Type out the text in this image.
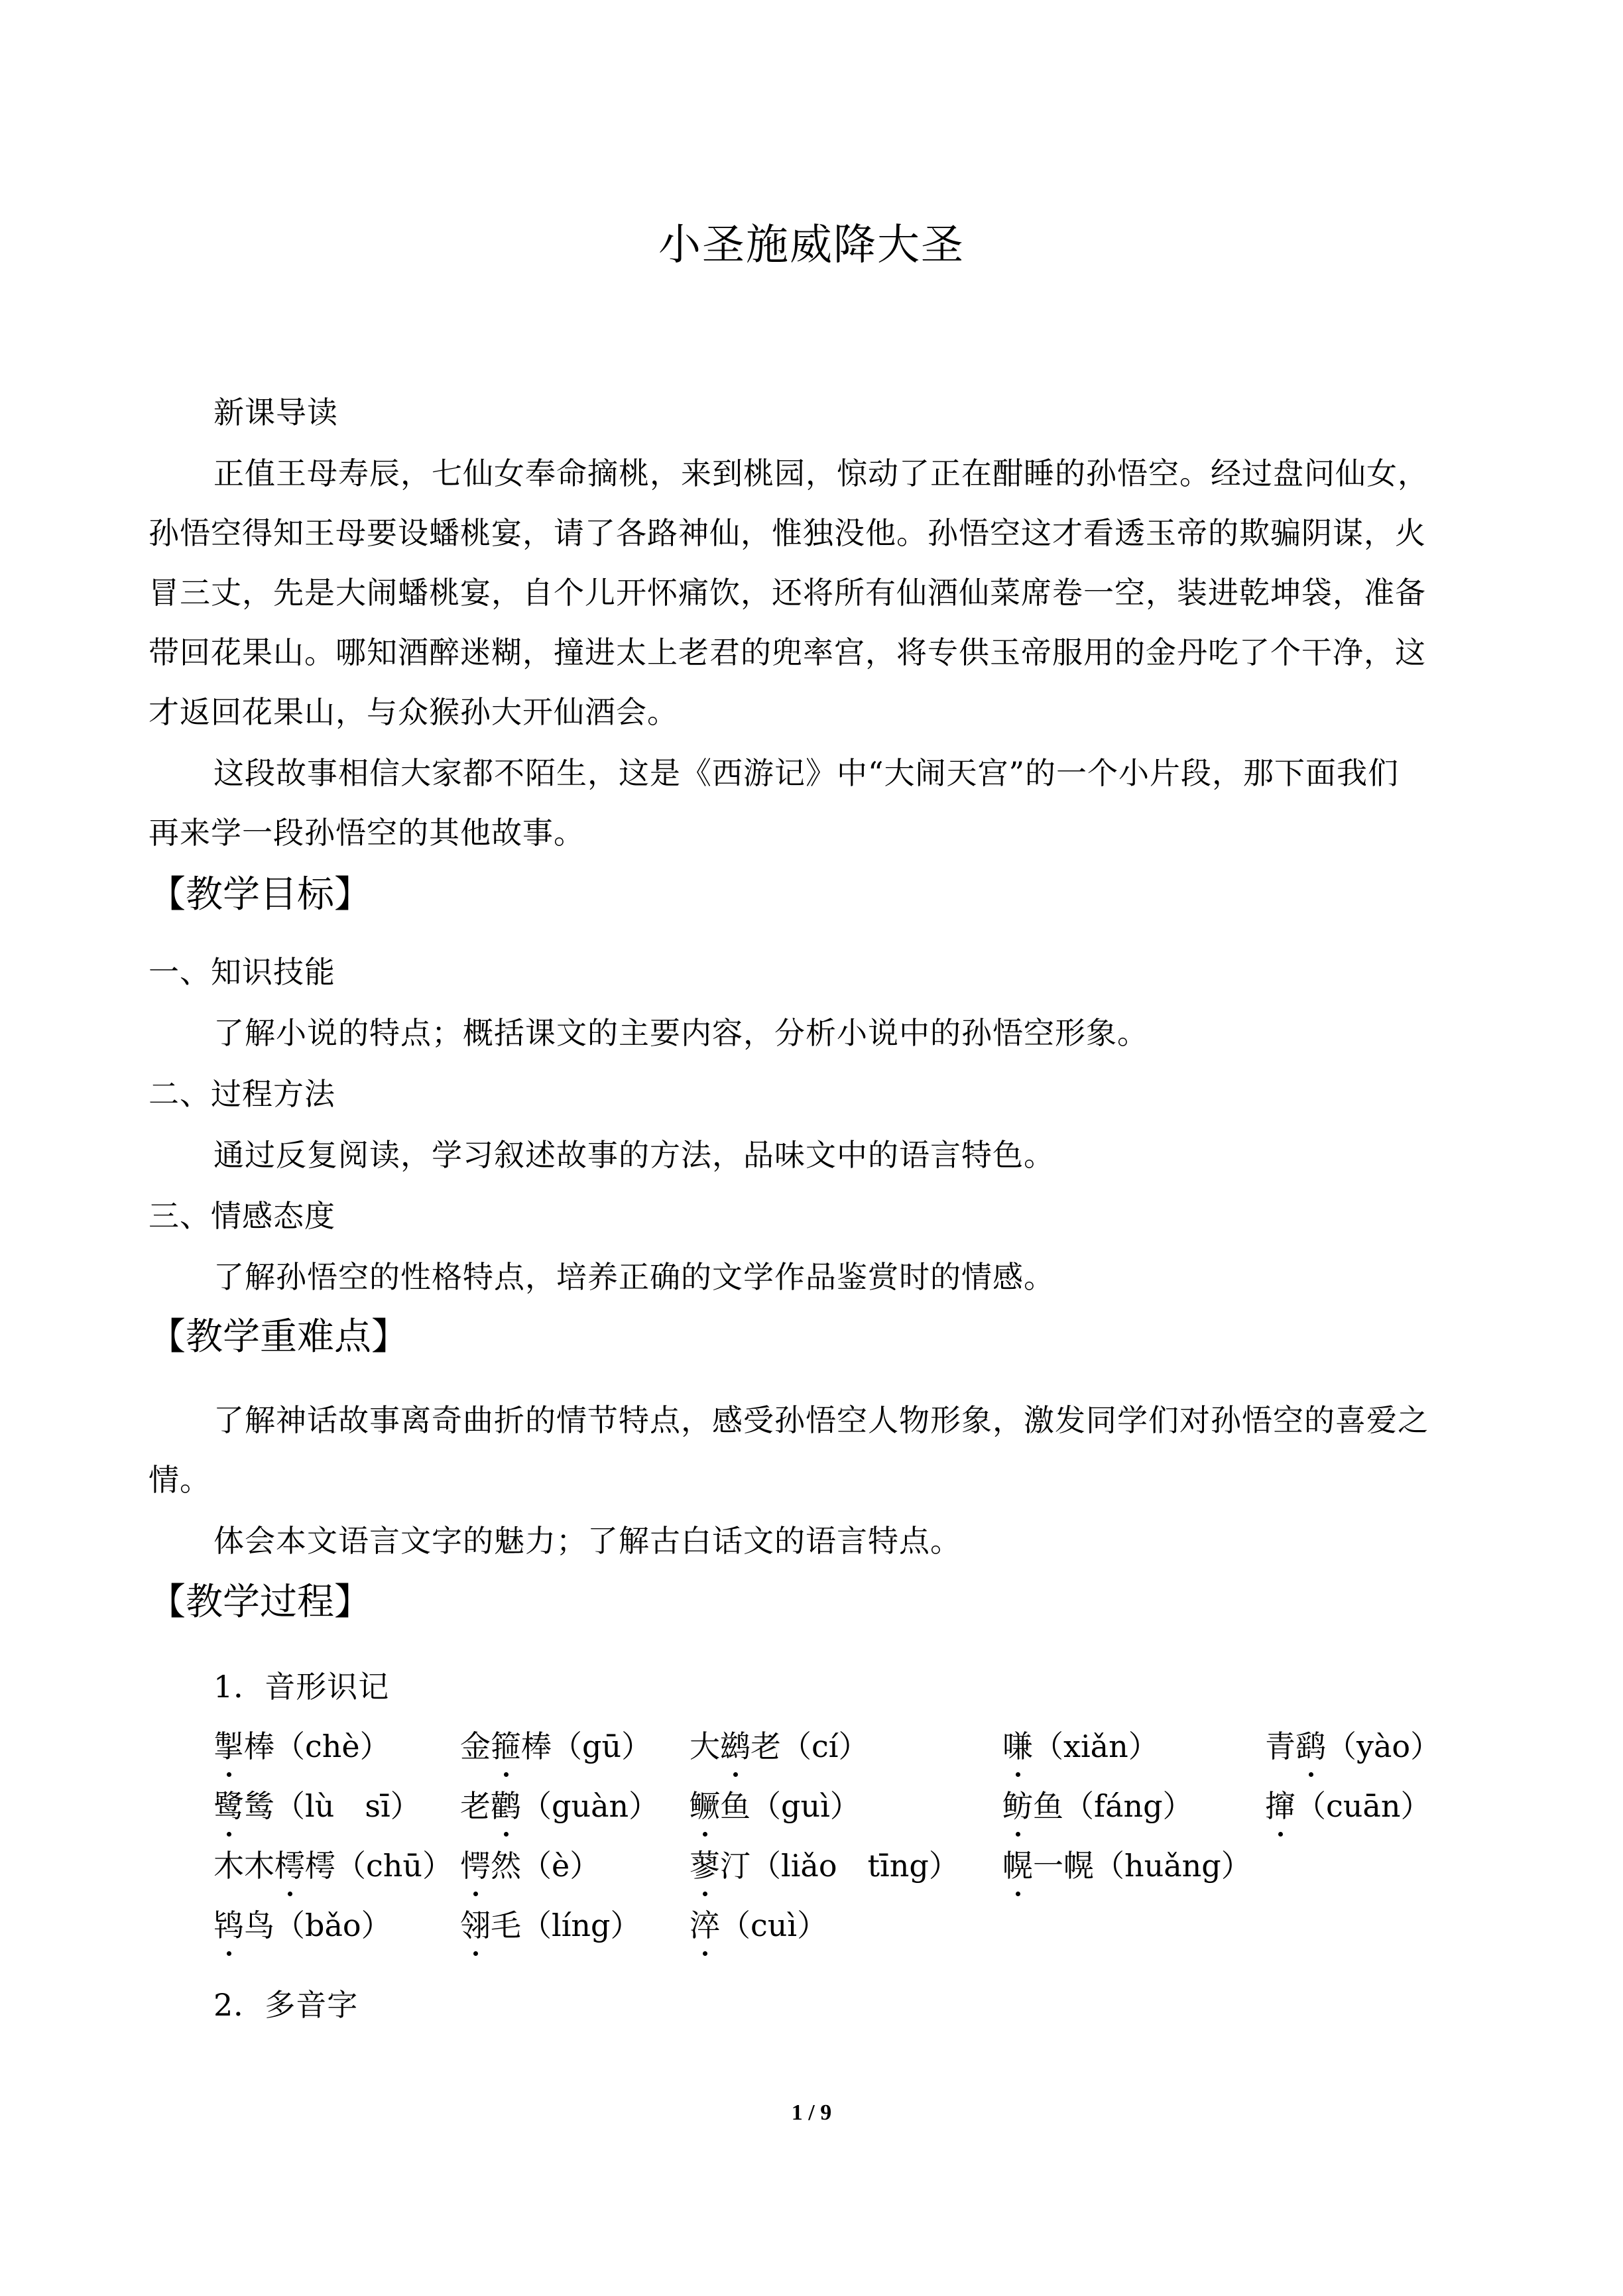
小圣施威降大圣
新课导读
正值王母寿辰，七仙女奉命摘桃，来到桃园，惊动了正在酣睡的孙悟空。经过盘问仙女，
孙悟空得知王母要设蟠桃宴，请了各路神仙，惟独没他。孙悟空这才看透玉帝的欺骗阴谋，火
冒三丈，先是大闹蟠桃宴，自个儿开怀痛饮，还将所有仙酒仙菜席卷一空，装进乾坤袋，准备
带回花果山。哪知酒醉迷糊，撞进太上老君的兜率宫，将专供玉帝服用的金丹吃了个干净，这
才返回花果山，与众猴孙大开仙酒会。
这段故事相信大家都不陌生，这是《西游记》中“大闹天宫”的一个小片段，那下面我们
再来学一段孙悟空的其他故事。
【教学目标】
一、知识技能
了解小说的特点；概括课文的主要内容，分析小说中的孙悟空形象。
二、过程方法
通过反复阅读，学习叙述故事的方法，品味文中的语言特色。
三、情感态度
了解孙悟空的性格特点，培养正确的文学作品鉴赏时的情感。
【教学重难点】
了解神话故事离奇曲折的情节特点，感受孙悟空人物形象，激发同学们对孙悟空的喜爱之
情。
体会本文语言文字的魅力；了解古白话文的语言特点。
【教学过程】
1．音形识记
掣棒（chè） 金箍棒（gū） 大鹚老（cí）	嗛（xiǎn）	青鹞（yào）
鹭鸶（lù　sī） 老鹳（guàn） 鳜鱼（guì）	鲂鱼（fáng） 撺（cuān）
木木樗樗（chū） 愕然（è）	蓼汀（liǎo　tīng） 幌一幌（huǎng）
鸨鸟（bǎo） 翎毛（líng） 淬（cuì）
2．多音字
1 / 9
